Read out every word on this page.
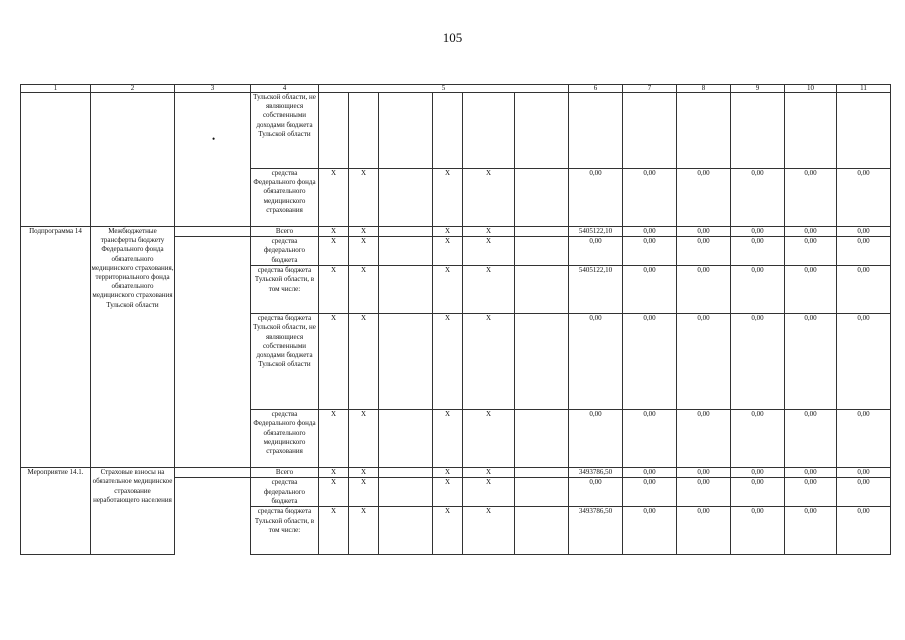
105
1	2	3	4	5						6	7	8	9	10	11		
			Тульской области, не являющиеся собственными доходами бюджета Тульской области														
			средства Федерального фонда обязательного медицинского страхования	X	X		X	X		0,00	0,00	0,00	0,00	0,00	0,00		
Подпрограмма 14	Межбюджетные трансферты бюджету Федерального фонда обязательного медицинского страхования, территориального фонда обязательного медицинского страхования Тульской области		Всего	X	X		X	X		5405122,10	0,00	0,00	0,00	0,00	0,00		
			средства федерального бюджета	X	X		X	X		0,00	0,00	0,00	0,00	0,00	0,00		
			средства бюджета Тульской области, в том числе:	X	X		X	X		5405122,10	0,00	0,00	0,00	0,00	0,00		
			средства бюджета Тульской области, не являющиеся собственными доходами бюджета Тульской области	X	X		X	X		0,00	0,00	0,00	0,00	0,00	0,00		
			средства Федерального фонда обязательного медицинского страхования	X	X		X	X		0,00	0,00	0,00	0,00	0,00	0,00		
Мероприятие 14.1.	Страховые взносы на обязательное медицинское страхование неработающего населения		Всего	X	X		X	X		3493786,50	0,00	0,00	0,00	0,00	0,00		
			средства федерального бюджета	X	X		X	X		0,00	0,00	0,00	0,00	0,00	0,00		
			средства бюджета Тульской области, в том числе:	X	X		X	X		3493786,50	0,00	0,00	0,00	0,00	0,00		
•
